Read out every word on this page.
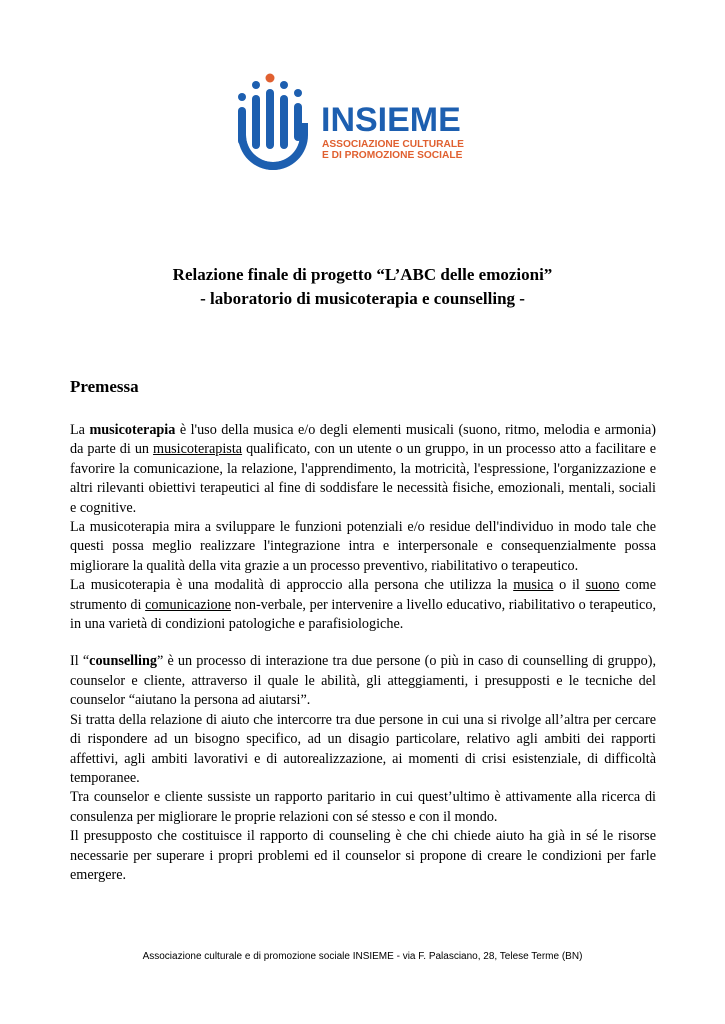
INSIEME
ASSOCIAZIONE CULTURALE
E DI PROMOZIONE SOCIALE
Relazione finale di progetto “L’ABC delle emozioni”
- laboratorio di musicoterapia e counselling -
Premessa

La musicoterapia è l'uso della musica e/o degli elementi musicali (suono, ritmo, melodia e armonia) da parte di un musicoterapista qualificato, con un utente o un gruppo, in un processo atto a facilitare e favorire la comunicazione, la relazione, l'apprendimento, la motricità, l'espressione, l'organizzazione e altri rilevanti obiettivi terapeutici al fine di soddisfare le necessità fisiche, emozionali, mentali, sociali e cognitive.

La musicoterapia mira a sviluppare le funzioni potenziali e/o residue dell'individuo in modo tale che questi possa meglio realizzare l'integrazione intra e interpersonale e consequenzialmente possa migliorare la qualità della vita grazie a un processo preventivo, riabilitativo o terapeutico.

La musicoterapia è una modalità di approccio alla persona che utilizza la musica o il suono come strumento di comunicazione non-verbale, per intervenire a livello educativo, riabilitativo o terapeutico, in una varietà di condizioni patologiche e parafisiologiche.

Il “counselling” è un processo di interazione tra due persone (o più in caso di counselling di gruppo), counselor e cliente, attraverso il quale le abilità, gli atteggiamenti, i presupposti e le tecniche del counselor “aiutano la persona ad aiutarsi”.

Si tratta della relazione di aiuto che intercorre tra due persone in cui una si rivolge all’altra per cercare di rispondere ad un bisogno specifico, ad un disagio particolare, relativo agli ambiti dei rapporti affettivi, agli ambiti lavorativi e di autorealizzazione, ai momenti di crisi esistenziale, di difficoltà temporanee.

Tra counselor e cliente sussiste un rapporto paritario in cui quest’ultimo è attivamente alla ricerca di consulenza per migliorare le proprie relazioni con sé stesso e con il mondo.

Il presupposto che costituisce il rapporto di counseling è che chi chiede aiuto ha già in sé le risorse necessarie per superare i propri problemi ed il counselor si propone di creare le condizioni per farle emergere.

Associazione culturale e di promozione sociale INSIEME - via F. Palasciano, 28, Telese Terme (BN)
